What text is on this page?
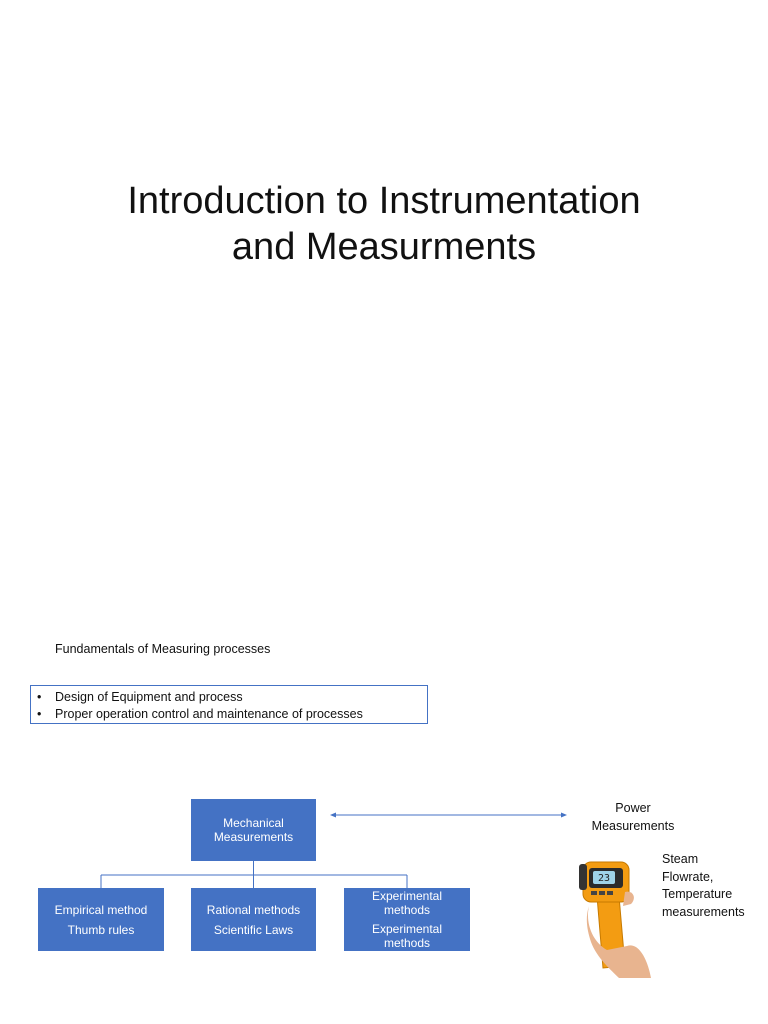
Introduction to Instrumentation
and Measurments
Fundamentals of Measuring processes
•	Design of Equipment and process
•	Proper operation control and maintenance of processes
Mechanical
Measurements
Empirical method
Thumb rules
Rational methods
Scientific Laws
Experimental
methods
Experimental
methods
Power
Measurements
Steam
Flowrate,
Temperature
measurements
23
